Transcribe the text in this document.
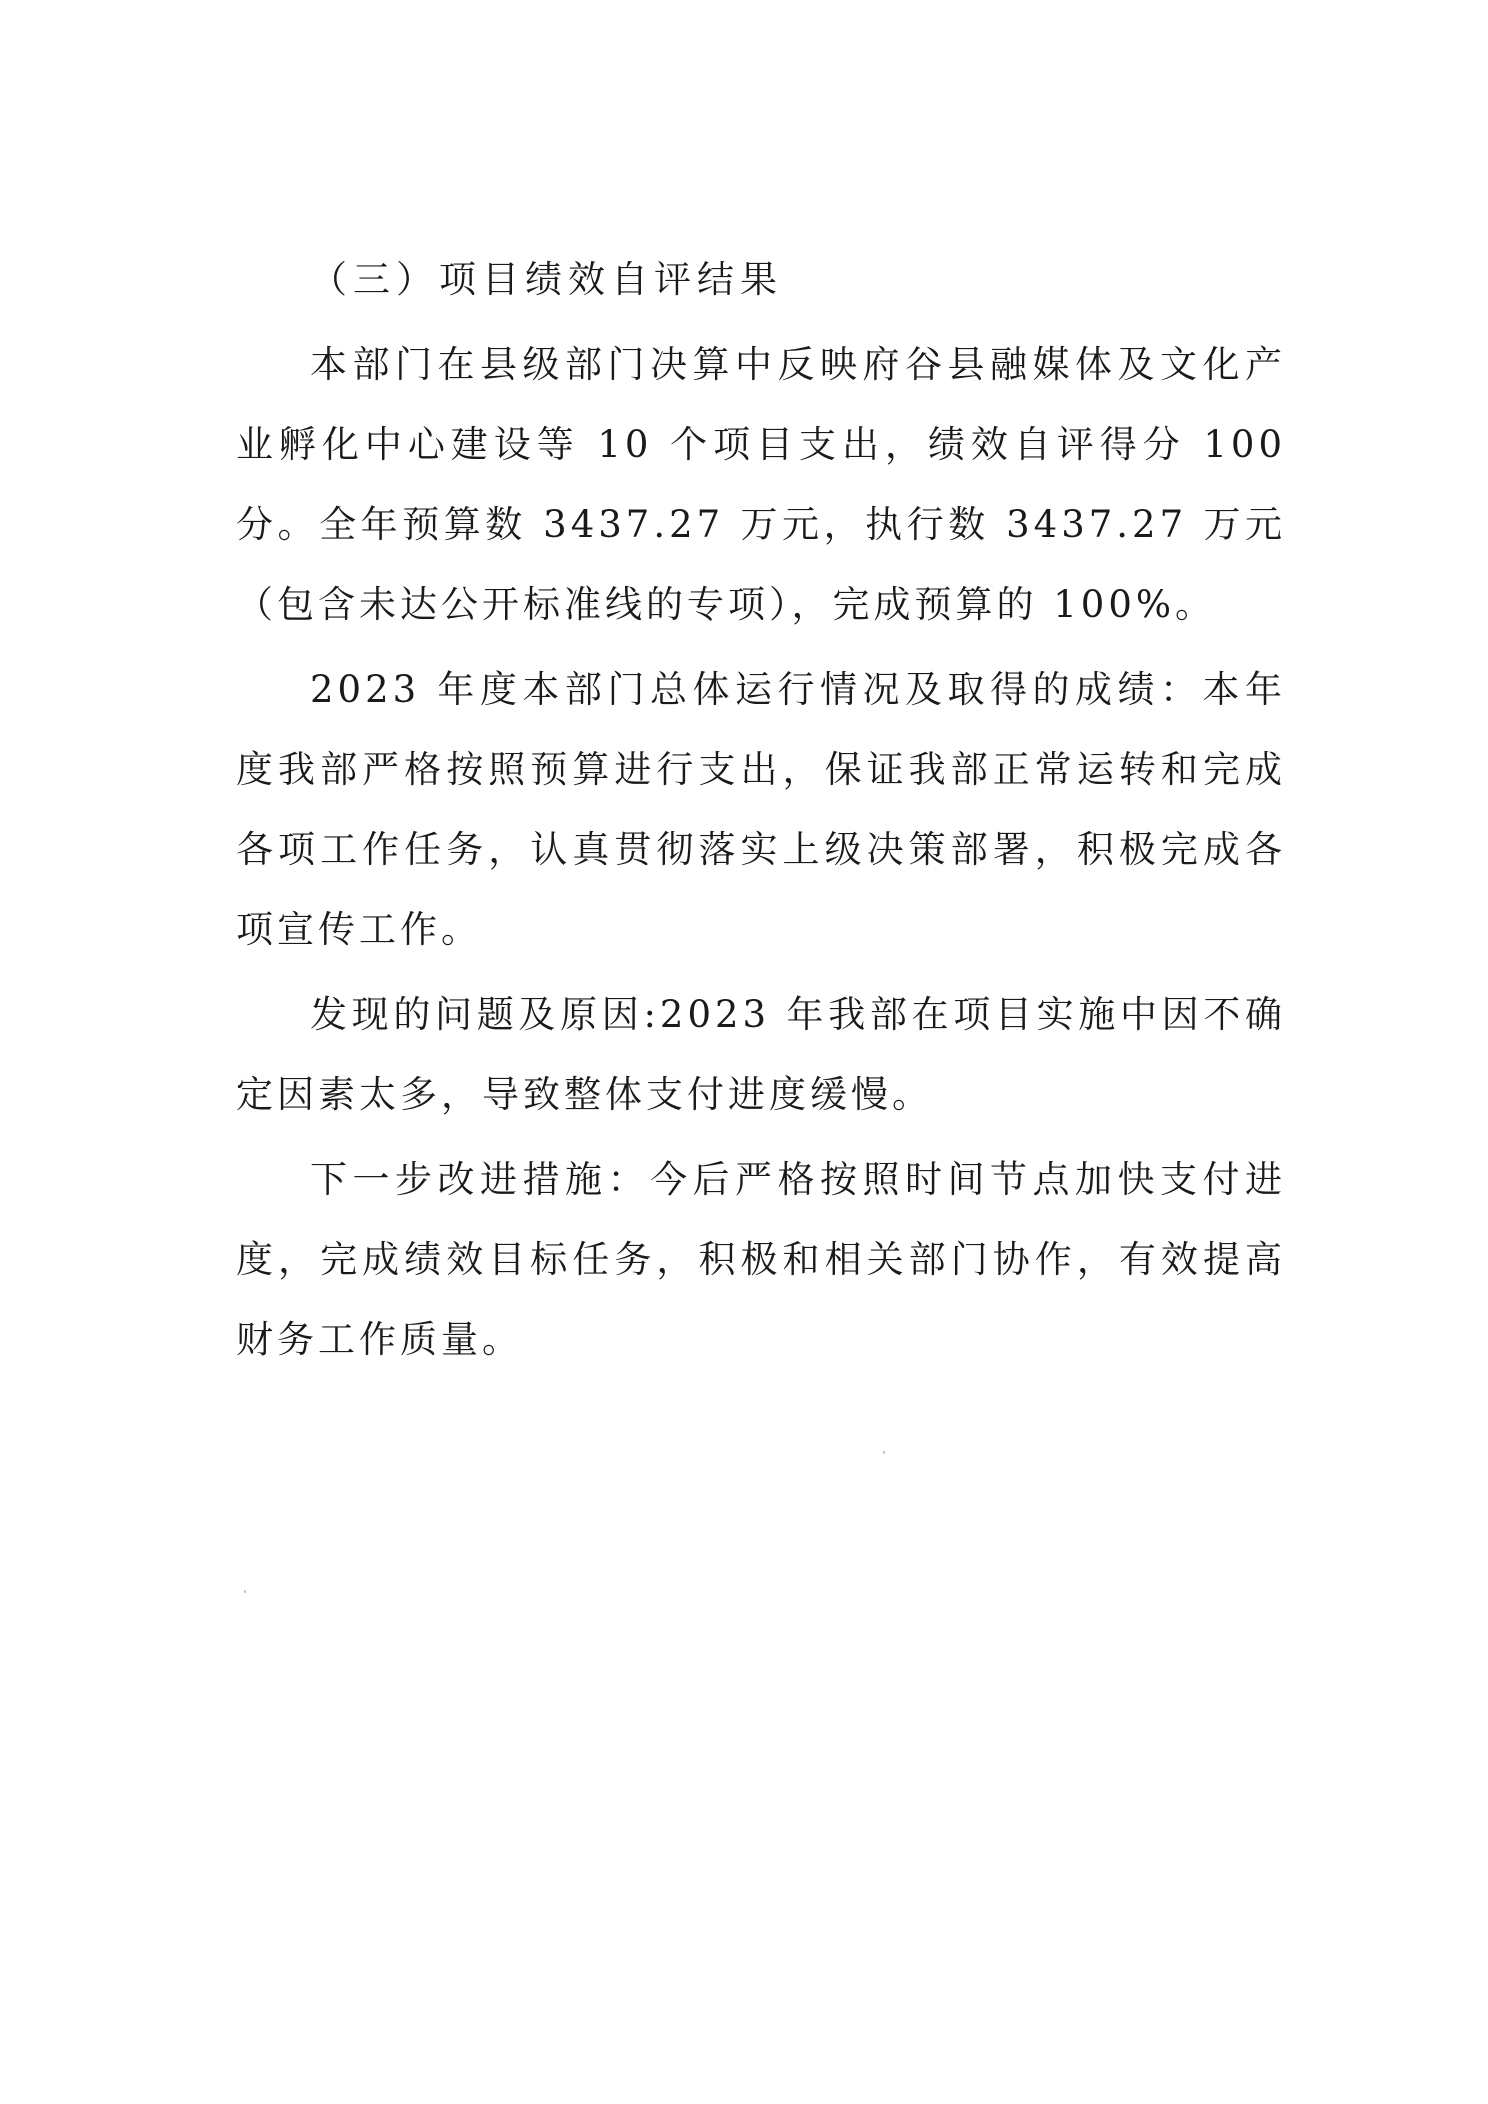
（三）项目绩效自评结果

本部门在县级部门决算中反映府谷县融媒体及文化产业孵化中心建设等 10 个项目支出，绩效自评得分 100 分。全年预算数 3437.27 万元，执行数 3437.27 万元（包含未达公开标准线的专项），完成预算的 100%。

2023 年度本部门总体运行情况及取得的成绩：本年度我部严格按照预算进行支出，保证我部正常运转和完成各项工作任务，认真贯彻落实上级决策部署，积极完成各项宣传工作。

发现的问题及原因:2023 年我部在项目实施中因不确定因素太多，导致整体支付进度缓慢。

下一步改进措施：今后严格按照时间节点加快支付进度，完成绩效目标任务，积极和相关部门协作，有效提高财务工作质量。
